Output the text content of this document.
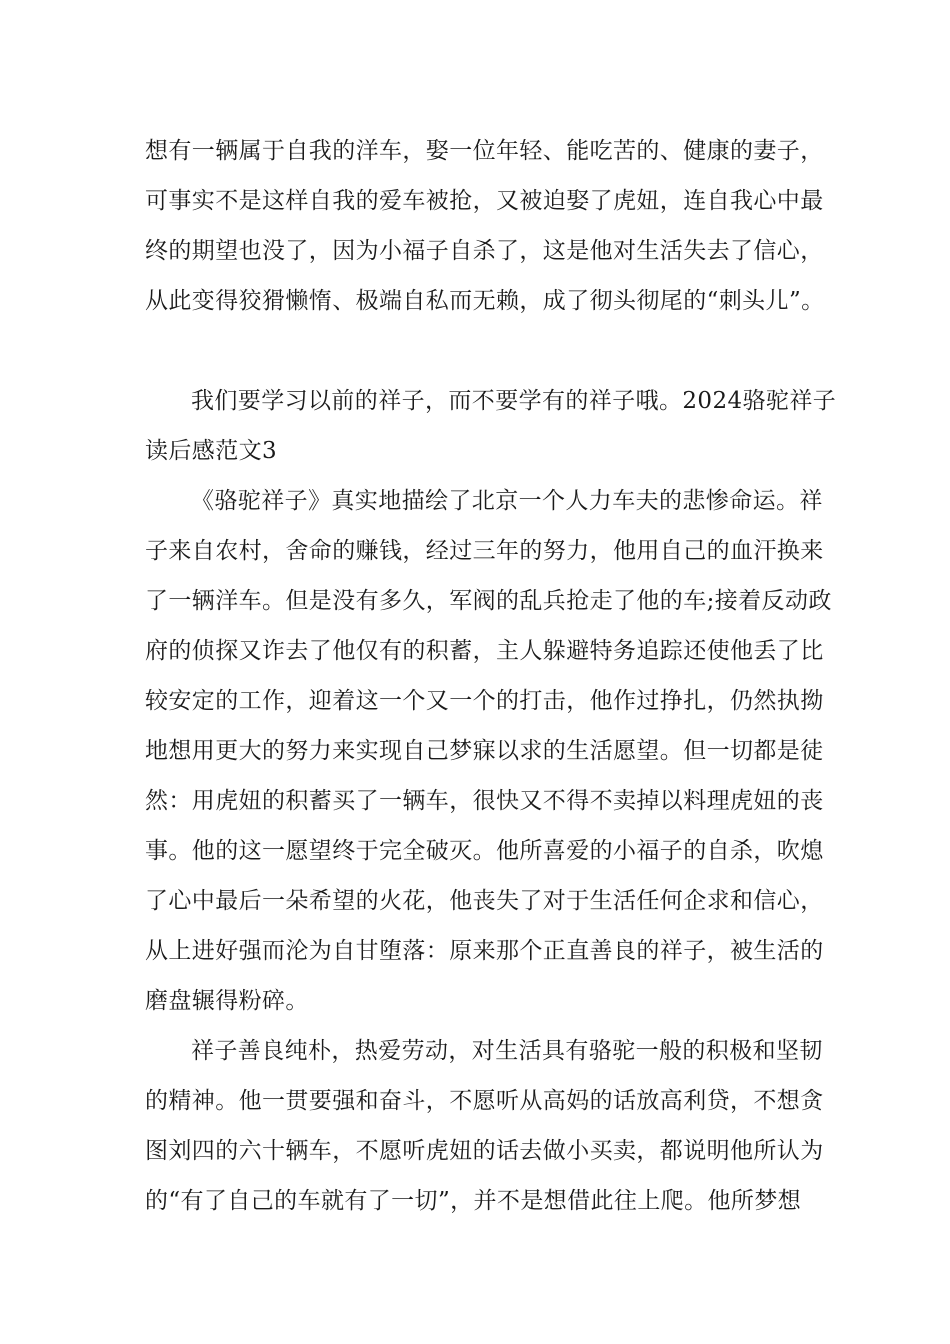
想有一辆属于自我的洋车，娶一位年轻、能吃苦的、健康的妻子，
可事实不是这样自我的爱车被抢，又被迫娶了虎妞，连自我心中最
终的期望也没了，因为小福子自杀了，这是他对生活失去了信心，
从此变得狡猾懒惰、极端自私而无赖，成了彻头彻尾的“刺头儿”。
我们要学习以前的祥子，而不要学有的祥子哦。2024骆驼祥子
读后感范文3
《骆驼祥子》真实地描绘了北京一个人力车夫的悲惨命运。祥
子来自农村，舍命的赚钱，经过三年的努力，他用自己的血汗换来
了一辆洋车。但是没有多久，军阀的乱兵抢走了他的车;接着反动政
府的侦探又诈去了他仅有的积蓄，主人躲避特务追踪还使他丢了比
较安定的工作，迎着这一个又一个的打击，他作过挣扎，仍然执拗
地想用更大的努力来实现自己梦寐以求的生活愿望。但一切都是徒
然：用虎妞的积蓄买了一辆车，很快又不得不卖掉以料理虎妞的丧
事。他的这一愿望终于完全破灭。他所喜爱的小福子的自杀，吹熄
了心中最后一朵希望的火花，他丧失了对于生活任何企求和信心，
从上进好强而沦为自甘堕落：原来那个正直善良的祥子，被生活的
磨盘辗得粉碎。
祥子善良纯朴，热爱劳动，对生活具有骆驼一般的积极和坚韧
的精神。他一贯要强和奋斗，不愿听从高妈的话放高利贷，不想贪
图刘四的六十辆车，不愿听虎妞的话去做小买卖，都说明他所认为
的“有了自己的车就有了一切”，并不是想借此往上爬。他所梦想
